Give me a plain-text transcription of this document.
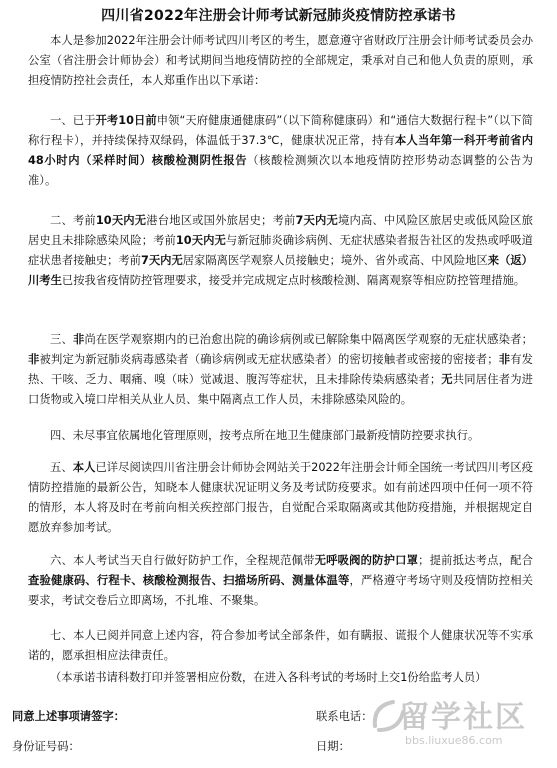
四川省2022年注册会计师考试新冠肺炎疫情防控承诺书
本人是参加2022年注册会计师考试四川考区的考生，愿意遵守省财政厅注册会计师考试委员会办公室（省注册会计师协会）和考试期间当地疫情防控的全部规定，秉承对自己和他人负责的原则，承担疫情防控社会责任，本人郑重作出以下承诺：
一、已于开考10日前申领“天府健康通健康码”（以下简称健康码）和“通信大数据行程卡”（以下简称行程卡），并持续保持双绿码，体温低于37.3℃，健康状况正常，持有本人当年第一科开考前省内48小时内（采样时间）核酸检测阴性报告（核酸检测频次以本地疫情防控形势动态调整的公告为准）。
二、考前10天内无港台地区或国外旅居史；考前7天内无境内高、中风险区旅居史或低风险区旅居史且未排除感染风险；考前10天内无与新冠肺炎确诊病例、无症状感染者报告社区的发热或呼吸道症状患者接触史；考前7天内无居家隔离医学观察人员接触史；境外、省外或高、中风险地区来（返）川考生已按我省疫情防控管理要求，接受并完成规定点时核酸检测、隔离观察等相应防控管理措施。
三、非尚在医学观察期内的已治愈出院的确诊病例或已解除集中隔离医学观察的无症状感染者；非被判定为新冠肺炎病毒感染者（确诊病例或无症状感染者）的密切接触者或密接的密接者；非有发热、干咳、乏力、咽痛、嗅（味）觉减退、腹泻等症状，且未排除传染病感染者；无共同居住者为进口货物或入境口岸相关从业人员、集中隔离点工作人员，未排除感染风险的。
四、未尽事宜依属地化管理原则，按考点所在地卫生健康部门最新疫情防控要求执行。
五、本人已详尽阅读四川省注册会计师协会网站关于2022年注册会计师全国统一考试四川考区疫情防控措施的最新公告，知晓本人健康状况证明义务及考试防疫要求。如有前述四项中任何一项不符的情形，本人将及时在考前向相关疾控部门报告，自觉配合采取隔离或其他防疫措施，并根据规定自愿放弃参加考试。
六、本人考试当天自行做好防护工作，全程规范佩带无呼吸阀的防护口罩；提前抵达考点，配合查验健康码、行程卡、核酸检测报告、扫描场所码、测量体温等，严格遵守考场守则及疫情防控相关要求，考试交卷后立即离场，不扎堆、不聚集。
七、本人已阅并同意上述内容，符合参加考试全部条件，如有瞒报、谎报个人健康状况等不实承诺的，愿承担相应法律责任。
（本承诺书请科数打印并签署相应份数，在进入各科考试的考场时上交1份给监考人员）
同意上述事项请签字：	联系电话：
身份证号码：	日期：
留学社区
bbs.liuxue86.com
